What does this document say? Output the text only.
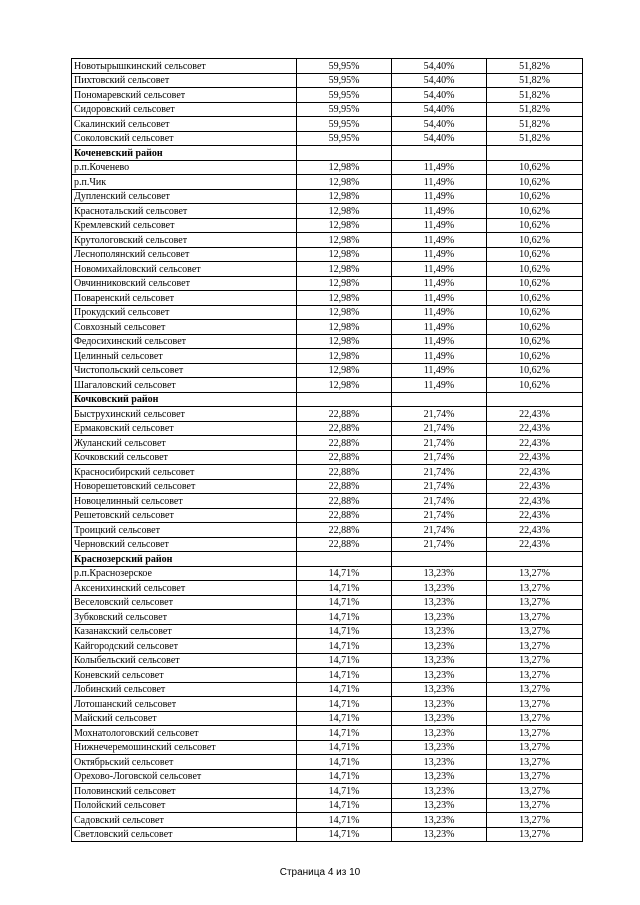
Новотырышкинский сельсовет	59,95%	54,40%	51,82%
Пихтовский сельсовет	59,95%	54,40%	51,82%
Пономаревский сельсовет	59,95%	54,40%	51,82%
Сидоровский сельсовет	59,95%	54,40%	51,82%
Скалинский сельсовет	59,95%	54,40%	51,82%
Соколовский сельсовет	59,95%	54,40%	51,82%
Коченевский район			
р.п.Коченево	12,98%	11,49%	10,62%
р.п.Чик	12,98%	11,49%	10,62%
Дупленский сельсовет	12,98%	11,49%	10,62%
Краснотальский сельсовет	12,98%	11,49%	10,62%
Кремлевский сельсовет	12,98%	11,49%	10,62%
Крутологовский сельсовет	12,98%	11,49%	10,62%
Леснополянский сельсовет	12,98%	11,49%	10,62%
Новомихайловский сельсовет	12,98%	11,49%	10,62%
Овчинниковский сельсовет	12,98%	11,49%	10,62%
Поваренский сельсовет	12,98%	11,49%	10,62%
Прокудский сельсовет	12,98%	11,49%	10,62%
Совхозный сельсовет	12,98%	11,49%	10,62%
Федосихинский сельсовет	12,98%	11,49%	10,62%
Целинный сельсовет	12,98%	11,49%	10,62%
Чистопольский сельсовет	12,98%	11,49%	10,62%
Шагаловский сельсовет	12,98%	11,49%	10,62%
Кочковский район			
Быструхинский сельсовет	22,88%	21,74%	22,43%
Ермаковский сельсовет	22,88%	21,74%	22,43%
Жуланский сельсовет	22,88%	21,74%	22,43%
Кочковский сельсовет	22,88%	21,74%	22,43%
Красносибирский сельсовет	22,88%	21,74%	22,43%
Новорешетовский сельсовет	22,88%	21,74%	22,43%
Новоцелинный сельсовет	22,88%	21,74%	22,43%
Решетовский сельсовет	22,88%	21,74%	22,43%
Троицкий сельсовет	22,88%	21,74%	22,43%
Черновский сельсовет	22,88%	21,74%	22,43%
Краснозерский район			
р.п.Краснозерское	14,71%	13,23%	13,27%
Аксенихинский сельсовет	14,71%	13,23%	13,27%
Веселовский сельсовет	14,71%	13,23%	13,27%
Зубковский сельсовет	14,71%	13,23%	13,27%
Казанакский сельсовет	14,71%	13,23%	13,27%
Кайгородский сельсовет	14,71%	13,23%	13,27%
Колыбельский сельсовет	14,71%	13,23%	13,27%
Коневский сельсовет	14,71%	13,23%	13,27%
Лобинский сельсовет	14,71%	13,23%	13,27%
Лотошанский сельсовет	14,71%	13,23%	13,27%
Майский сельсовет	14,71%	13,23%	13,27%
Мохнатологовский сельсовет	14,71%	13,23%	13,27%
Нижнечеремошинский сельсовет	14,71%	13,23%	13,27%
Октябрьский сельсовет	14,71%	13,23%	13,27%
Орехово-Логовской сельсовет	14,71%	13,23%	13,27%
Половинский сельсовет	14,71%	13,23%	13,27%
Полойский сельсовет	14,71%	13,23%	13,27%
Садовский сельсовет	14,71%	13,23%	13,27%
Светловский сельсовет	14,71%	13,23%	13,27%
Страница 4 из 10
